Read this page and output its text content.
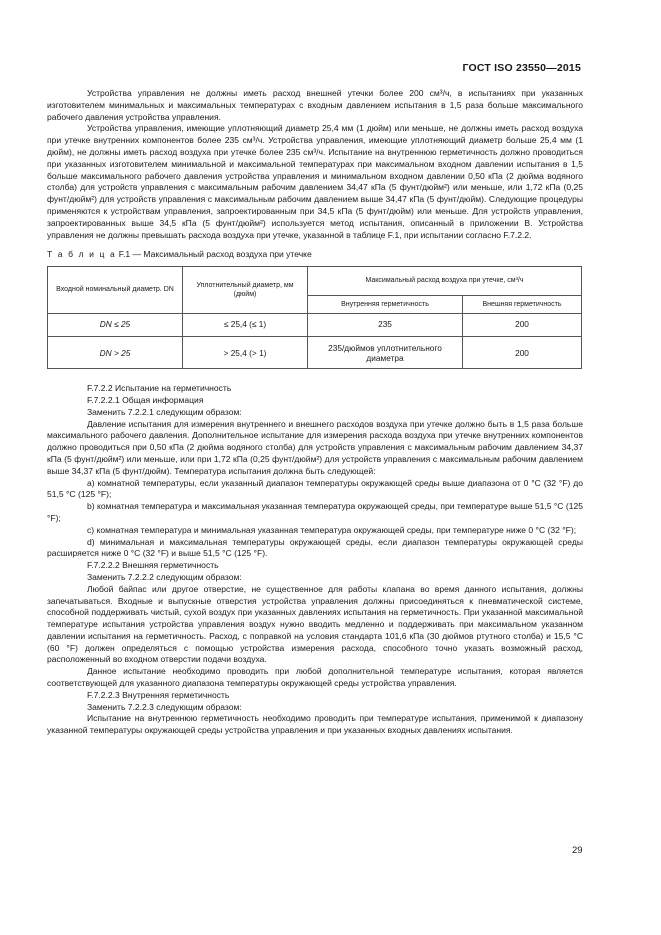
ГОСТ ISO 23550—2015

Устройства управления не должны иметь расход внешней утечки более 200 см³/ч, в испытаниях при указанных изготовителем минимальных и максимальных температурах с входным давлением испытания в 1,5 раза больше максимального рабочего давления устройства управления.

Устройства управления, имеющие уплотняющий диаметр 25,4 мм (1 дюйм) или меньше, не должны иметь расход воздуха при утечке внутренних компонентов более 235 см³/ч. Устройства управления, имеющие уплотняющий диаметр больше 25,4 мм (1 дюйм), не должны иметь расход воздуха при утечке более 235 см³/ч. Испытание на внутреннюю герметичность должно проводиться при указанных изготовителем минимальной и максимальной температурах при максимальном входном давлении испытания в 1,5 больше максимального рабочего давления устройства управления и минимальном входном давлении 0,50 кПа (2 дюйма водяного столба) для устройств управления с максимальным рабочим давлением 34,47 кПа (5 фунт/дюйм²) или меньше, или 1,72 кПа (0,25 фунт/дюйм²) для устройств управления с максимальным рабочим давлением выше 34,47 кПа (5 фунт/дюйм). Следующие процедуры применяются к устройствам управления, запроектированным при 34,5 кПа (5 фунт/дюйм) или меньше. Для устройств управления, запроектированных выше 34,5 кПа (5 фунт/дюйм²) используется метод испытания, описанный в приложении B. Устройства управления не должны превышать расхода воздуха при утечке, указанной в таблице F.1, при испытании согласно F.7.2.2.

Т а б л и ц а F.1 — Максимальный расход воздуха при утечке
Входной номинальный диаметр. DN	Уплотнительный диаметр, мм (дюйм)	Максимальный расход воздуха при утечке, см³/ч	
		Внутренняя герметичность	Внешняя герметичность
DN ≤ 25	≤ 25,4 (≤ 1)	235	200
DN > 25	> 25,4 (> 1)	235/дюймов уплотнительного диаметра	200

F.7.2.2 Испытание на герметичность

F.7.2.2.1 Общая информация

Заменить 7.2.2.1 следующим образом:

Давление испытания для измерения внутреннего и внешнего расходов воздуха при утечке должно быть в 1,5 раза больше максимального рабочего давления. Дополнительное испытание для измерения расхода воздуха при утечке внутренних компонентов должно проводиться при 0,50 кПа (2 дюйма водяного столба) для устройств управления с максимальным рабочим давлением 34,37 кПа (5 фунт/дюйм²) или меньше, или при 1,72 кПа (0,25 фунт/дюйм²) для устройств управления с максимальным рабочим давлением выше 34,37 кПа (5 фунт/дюйм). Температура испытания должна быть следующей:

a) комнатной температуры, если указанный диапазон температуры окружающей среды выше диапазона от 0 °C (32 °F) до 51,5 °C (125 °F);

b) комнатная температура и максимальная указанная температура окружающей среды, при температуре выше 51,5 °C (125 °F);

c) комнатная температура и минимальная указанная температура окружающей среды, при температуре ниже 0 °C (32 °F);

d) минимальная и максимальная температуры окружающей среды, если диапазон температуры окружающей среды расширяется ниже 0 °C (32 °F) и выше 51,5 °C (125 °F).

F.7.2.2.2 Внешняя герметичность

Заменить 7.2.2.2 следующим образом:

Любой байпас или другое отверстие, не существенное для работы клапана во время данного испытания, должны запечатываться. Входные и выпускные отверстия устройства управления должны присоединяться к пневматической системе, способной поддерживать чистый, сухой воздух при указанных давлениях испытания на герметичность. При указанной максимальной температуре испытания устройства управления воздух нужно вводить медленно и поддерживать при максимальном указанном давлении испытания на герметичность. Расход, с поправкой на условия стандарта 101,6 кПа (30 дюймов ртутного столба) и 15,5 °C (60 °F) должен определяться с помощью устройства измерения расхода, способного точно указать возможный расход, расположенный во входном отверстии подачи воздуха.

Данное испытание необходимо проводить при любой дополнительной температуре испытания, которая является соответствующей для указанного диапазона температуры окружающей среды устройства управления.

F.7.2.2.3 Внутренняя герметичность

Заменить 7.2.2.3 следующим образом:

Испытание на внутреннюю герметичность необходимо проводить при температуре испытания, применимой к диапазону указанной температуры окружающей среды устройства управления и при указанных входных давлениях испытания.

29
